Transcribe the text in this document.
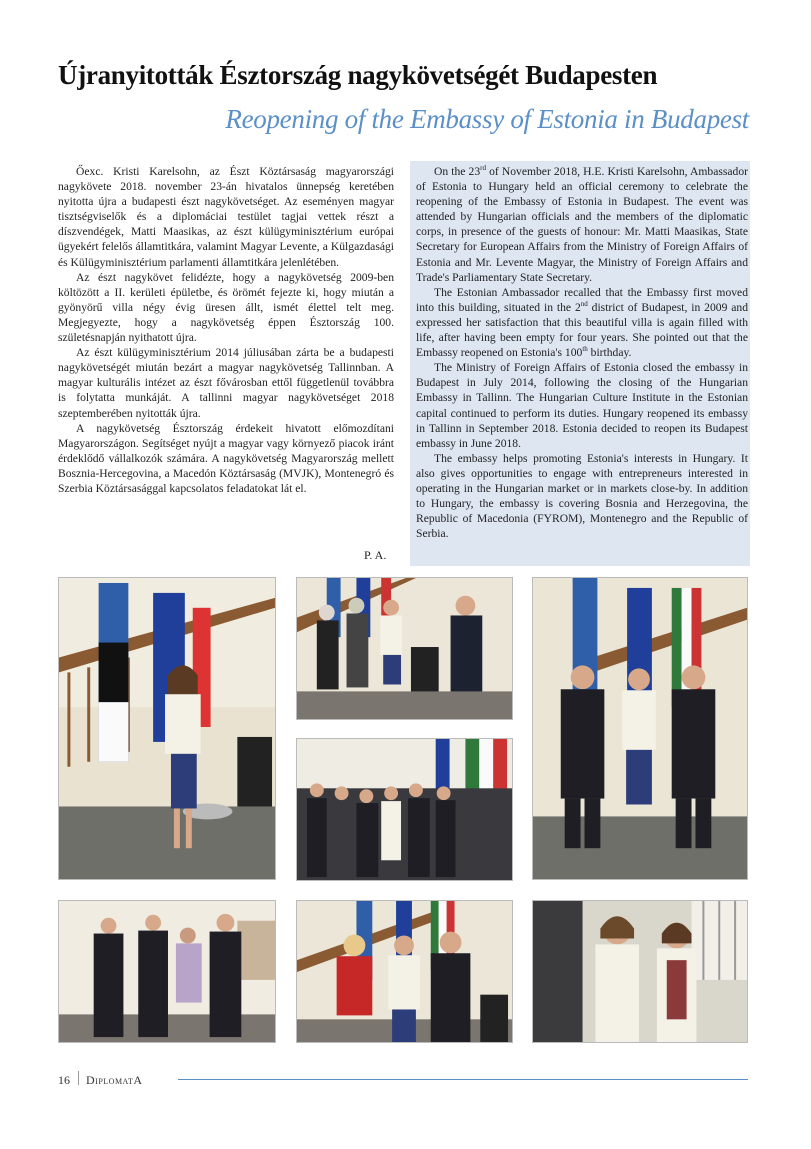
Újranyitották Észtország nagykövetségét Budapesten
Reopening of the Embassy of Estonia in Budapest

Őexc. Kristi Karelsohn, az Észt Köztársaság magyarországi nagykövete 2018. november 23-án hivatalos ünnepség keretében nyitotta újra a budapesti észt nagykövetséget. Az eseményen magyar tisztségviselők és a diplomáciai testület tagjai vettek részt a díszvendégek, Matti Maasikas, az észt külügyminisztérium európai ügyekért felelős államtitkára, valamint Magyar Levente, a Külgazdasági és Külügyminisztérium parlamenti államtitkára jelenlétében.

Az észt nagykövet felidézte, hogy a nagykövetség 2009-ben költözött a II. kerületi épületbe, és örömét fejezte ki, hogy miután a gyönyörű villa négy évig üresen állt, ismét élettel telt meg. Megjegyezte, hogy a nagykövetség éppen Észtország 100. születésnapján nyithatott újra.

Az észt külügyminisztérium 2014 júliusában zárta be a budapesti nagykövetségét miután bezárt a magyar nagykövetség Tallinnban. A magyar kulturális intézet az észt fővárosban ettől függetlenül továbbra is folytatta munkáját. A tallinni magyar nagykövetséget 2018 szeptemberében nyitották újra.

A nagykövetség Észtország érdekeit hivatott előmozdítani Magyarországon. Segítséget nyújt a magyar vagy környező piacok iránt érdeklődő vállalkozók számára. A nagykövetség Magyarország mellett Bosznia-Hercegovina, a Macedón Köztársaság (MVJK), Montenegró és Szerbia Köztársasággal kapcsolatos feladatokat lát el.

P. A.

On the 23rd of November 2018, H.E. Kristi Karelsohn, Ambassador of Estonia to Hungary held an official ceremony to celebrate the reopening of the Embassy of Estonia in Budapest. The event was attended by Hungarian officials and the members of the diplomatic corps, in presence of the guests of honour: Mr. Matti Maasikas, State Secretary for European Affairs from the Ministry of Foreign Affairs of Estonia and Mr. Levente Magyar, the Ministry of Foreign Affairs and Trade's Parliamentary State Secretary.

The Estonian Ambassador recalled that the Embassy first moved into this building, situated in the 2nd district of Budapest, in 2009 and expressed her satisfaction that this beautiful villa is again filled with life, after having been empty for four years. She pointed out that the Embassy reopened on Estonia's 100th birthday.

The Ministry of Foreign Affairs of Estonia closed the embassy in Budapest in July 2014, following the closing of the Hungarian Embassy in Tallinn. The Hungarian Culture Institute in the Estonian capital continued to perform its duties. Hungary reopened its embassy in Tallinn in September 2018. Estonia decided to reopen its Budapest embassy in June 2018.

The embassy helps promoting Estonia's interests in Hungary. It also gives opportunities to engage with entrepreneurs interested in operating in the Hungarian market or in markets close-by. In addition to Hungary, the embassy is covering Bosnia and Herzegovina, the Republic of Macedonia (FYROM), Montenegro and the Republic of Serbia.

16 DiplomatA
